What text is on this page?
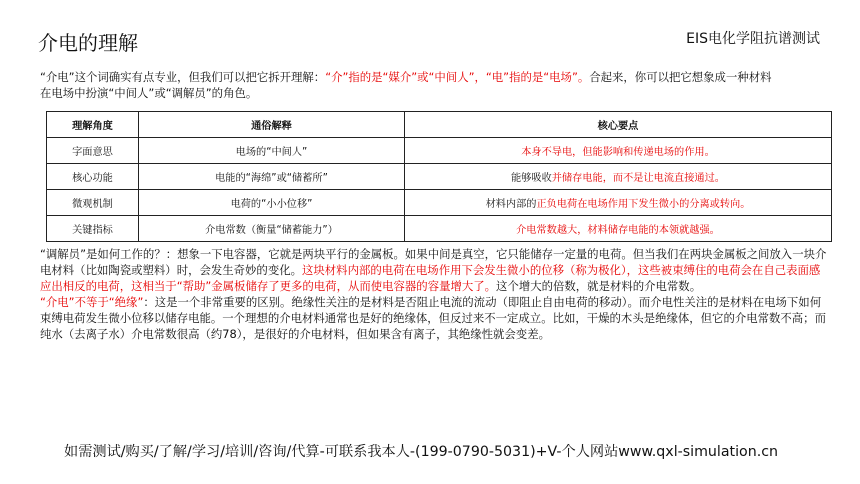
介电的理解	EIS电化学阻抗谱测试
“介电”这个词确实有点专业，但我们可以把它拆开理解：“介”指的是“媒介”或“中间人”，“电”指的是“电场”。合起来，你可以把它想象成一种材料
在电场中扮演“中间人”或“调解员”的角色。
理解角度	通俗解释	核心要点
字面意思	电场的“中间人”	本身不导电，但能影响和传递电场的作用。
核心功能	电能的“海绵”或“储蓄所”	能够吸收并储存电能，而不是让电流直接通过。
微观机制	电荷的“小小位移”	材料内部的正负电荷在电场作用下发生微小的分离或转向。
关键指标	介电常数（衡量“储蓄能力”）	介电常数越大，材料储存电能的本领就越强。
“调解员”是如何工作的？：想象一下电容器，它就是两块平行的金属板。如果中间是真空，它只能储存一定量的电荷。但当我们在两块金属板之间放入一块介电材料（比如陶瓷或塑料）时，会发生奇妙的变化。这块材料内部的电荷在电场作用下会发生微小的位移（称为极化），这些被束缚住的电荷会在自己表面感应出相反的电荷，这相当于“帮助”金属板储存了更多的电荷，从而使电容器的容量增大了。这个增大的倍数，就是材料的介电常数。
“介电”不等于“绝缘”：这是一个非常重要的区别。绝缘性关注的是材料是否阻止电流的流动（即阻止自由电荷的移动）。而介电性关注的是材料在电场下如何束缚电荷发生微小位移以储存电能。一个理想的介电材料通常也是好的绝缘体，但反过来不一定成立。比如，干燥的木头是绝缘体，但它的介电常数不高；而纯水（去离子水）介电常数很高（约78），是很好的介电材料，但如果含有离子，其绝缘性就会变差。
如需测试/购买/了解/学习/培训/咨询/代算-可联系我本人-(199-0790-5031)+V-个人网站www.qxl-simulation.cn
